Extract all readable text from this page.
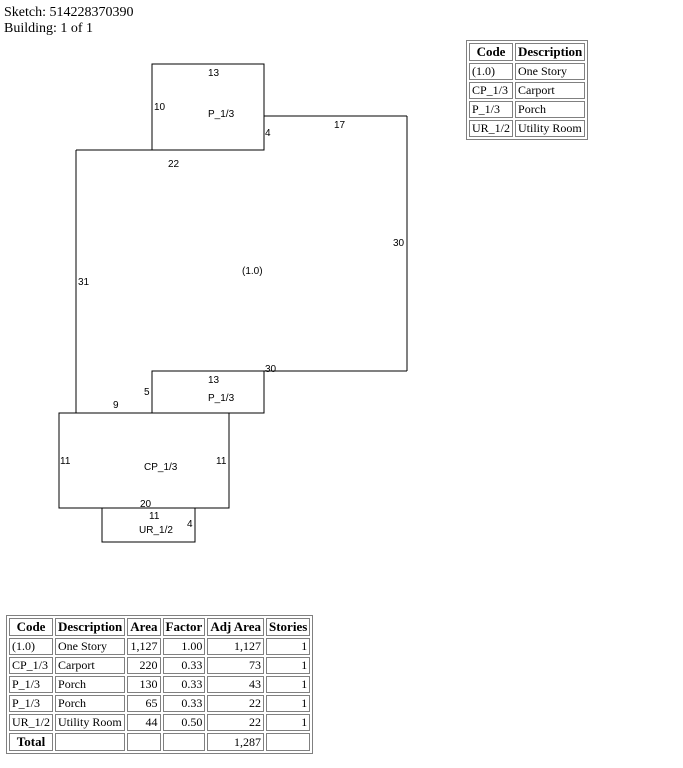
Sketch: 514228370390
Building: 1 of 1
13
10
P_1/3
4
17
22
30
(1.0)
31
30
13
5
P_1/3
9
11
CP_1/3
11
20
11
UR_1/2
4
Code	Description
(1.0)	One Story
CP_1/3	Carport
P_1/3	Porch
UR_1/2	Utility Room
Code	Description	Area	Factor	Adj Area	Stories
(1.0)	One Story	1,127	1.00	1,127	1
CP_1/3	Carport	220	0.33	73	1
P_1/3	Porch	130	0.33	43	1
P_1/3	Porch	65	0.33	22	1
UR_1/2	Utility Room	44	0.50	22	1
Total				1,287	
